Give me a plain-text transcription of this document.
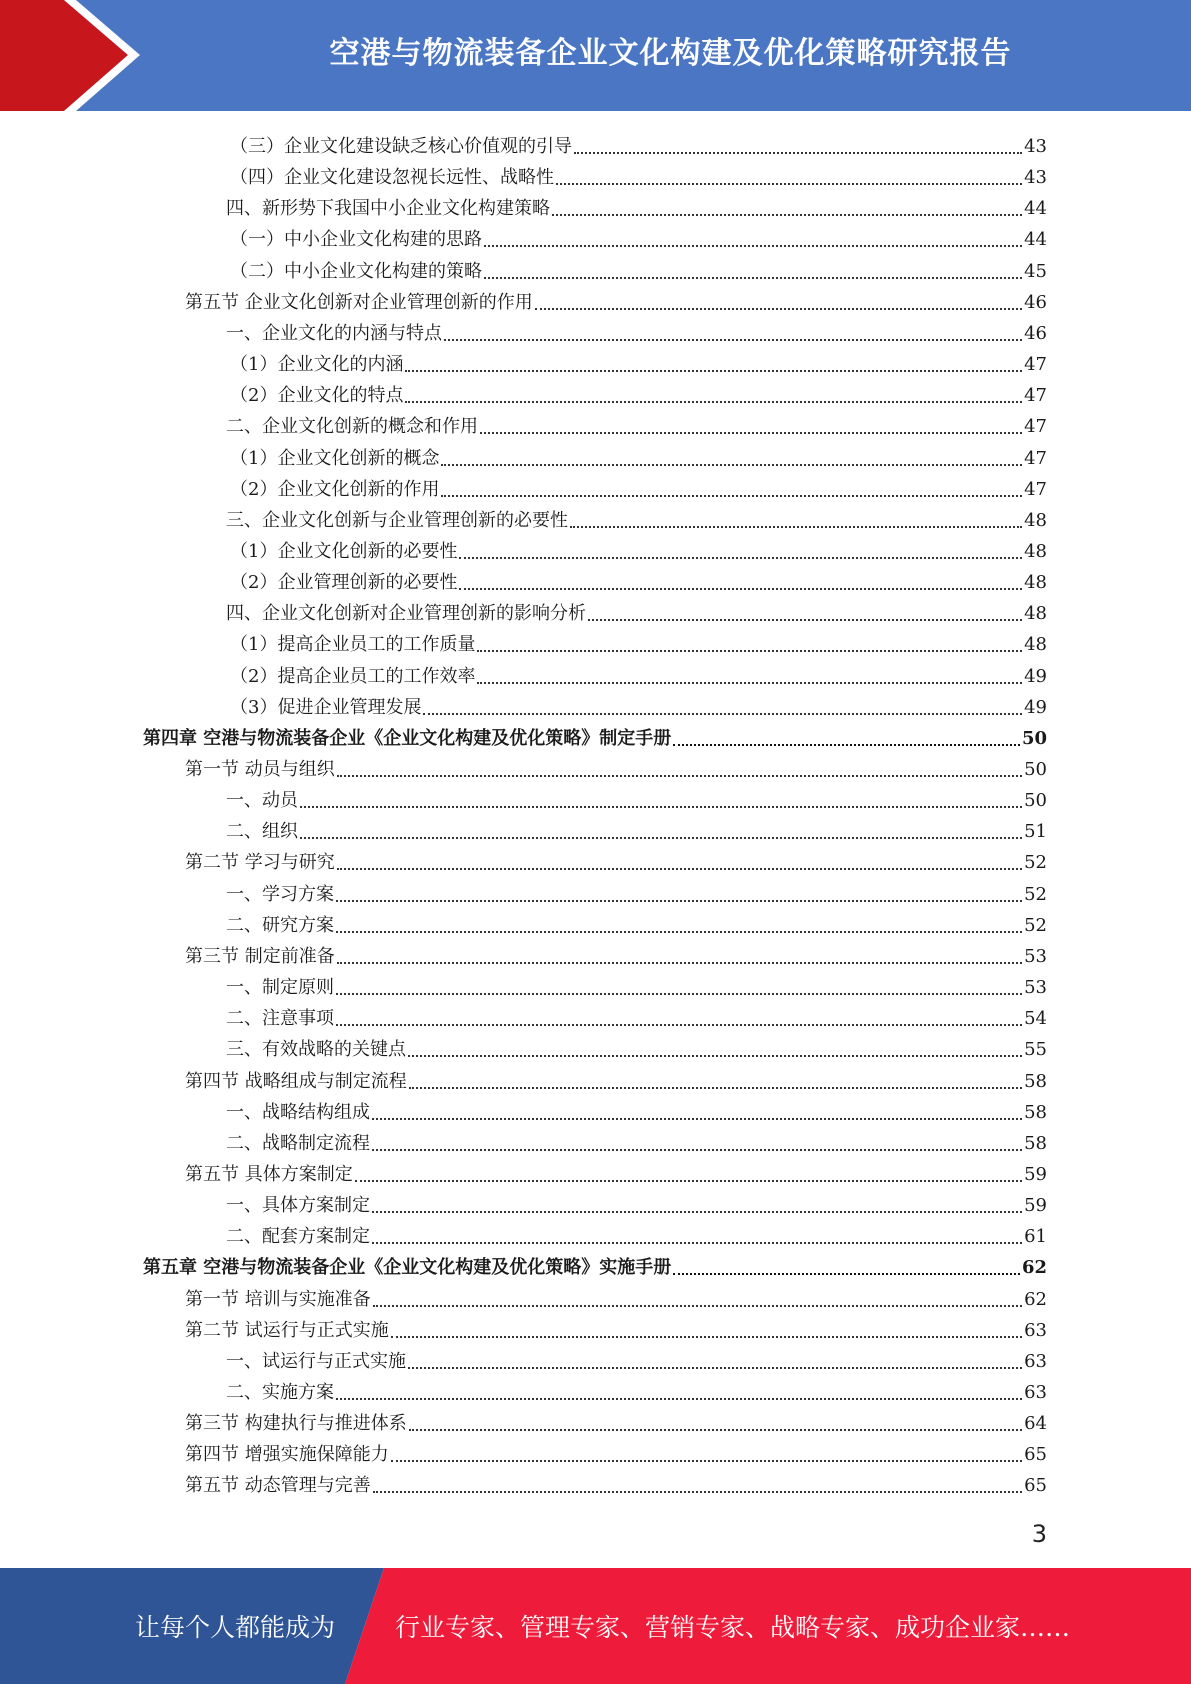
空港与物流装备企业文化构建及优化策略研究报告
（三）企业文化建设缺乏核心价值观的引导	43
（四）企业文化建设忽视长远性、战略性	43
四、新形势下我国中小企业文化构建策略	44
（一）中小企业文化构建的思路	44
（二）中小企业文化构建的策略	45
第五节 企业文化创新对企业管理创新的作用	46
一、企业文化的内涵与特点	46
（1）企业文化的内涵	47
（2）企业文化的特点	47
二、企业文化创新的概念和作用	47
（1）企业文化创新的概念	47
（2）企业文化创新的作用	47
三、企业文化创新与企业管理创新的必要性	48
（1）企业文化创新的必要性	48
（2）企业管理创新的必要性	48
四、企业文化创新对企业管理创新的影响分析	48
（1）提高企业员工的工作质量	48
（2）提高企业员工的工作效率	49
（3）促进企业管理发展	49
第四章 空港与物流装备企业《企业文化构建及优化策略》制定手册	50
第一节 动员与组织	50
一、动员	50
二、组织	51
第二节 学习与研究	52
一、学习方案	52
二、研究方案	52
第三节 制定前准备	53
一、制定原则	53
二、注意事项	54
三、有效战略的关键点	55
第四节 战略组成与制定流程	58
一、战略结构组成	58
二、战略制定流程	58
第五节 具体方案制定	59
一、具体方案制定	59
二、配套方案制定	61
第五章 空港与物流装备企业《企业文化构建及优化策略》实施手册	62
第一节 培训与实施准备	62
第二节 试运行与正式实施	63
一、试运行与正式实施	63
二、实施方案	63
第三节 构建执行与推进体系	64
第四节 增强实施保障能力	65
第五节 动态管理与完善	65
3
让每个人都能成为	行业专家、管理专家、营销专家、战略专家、成功企业家……
